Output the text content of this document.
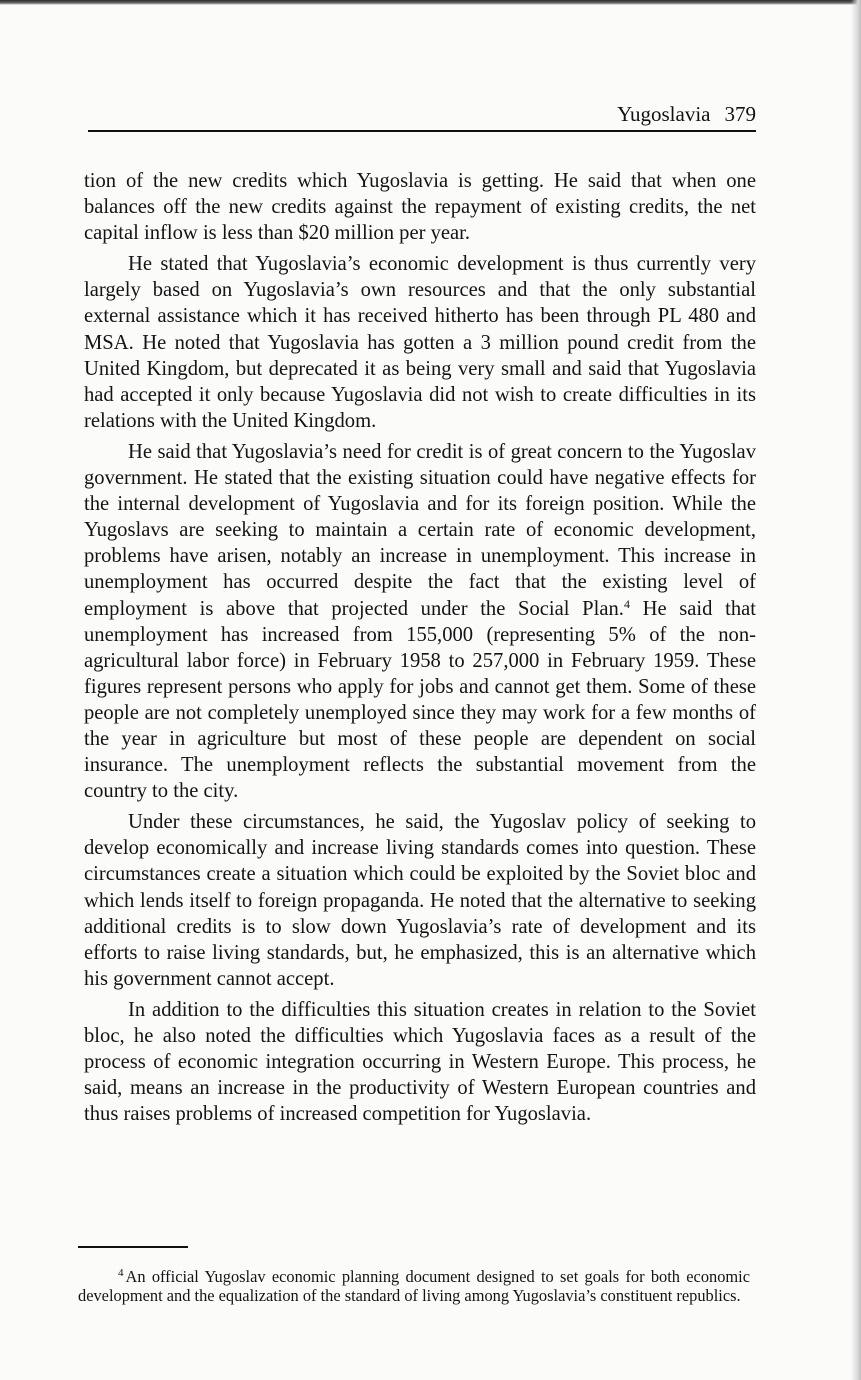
Yugoslavia 379

tion of the new credits which Yugoslavia is getting. He said that when one balances off the new credits against the repayment of existing credits, the net capital inflow is less than $20 million per year.

He stated that Yugoslavia’s economic development is thus currently very largely based on Yugoslavia’s own resources and that the only substantial external assistance which it has received hitherto has been through PL 480 and MSA. He noted that Yugoslavia has gotten a 3 million pound credit from the United Kingdom, but deprecated it as being very small and said that Yugoslavia had accepted it only because Yugoslavia did not wish to create difficulties in its relations with the United Kingdom.

He said that Yugoslavia’s need for credit is of great concern to the Yugoslav government. He stated that the existing situation could have negative effects for the internal development of Yugoslavia and for its foreign position. While the Yugoslavs are seeking to maintain a certain rate of economic development, problems have arisen, notably an increase in unemployment. This increase in unemployment has occurred despite the fact that the existing level of employment is above that projected under the Social Plan.$^4$ He said that unemployment has increased from 155,000 (representing 5% of the non-agricultural labor force) in February 1958 to 257,000 in February 1959. These figures represent persons who apply for jobs and cannot get them. Some of these people are not completely unemployed since they may work for a few months of the year in agriculture but most of these people are dependent on social insurance. The unemployment reflects the substantial movement from the country to the city.

Under these circumstances, he said, the Yugoslav policy of seeking to develop economically and increase living standards comes into question. These circumstances create a situation which could be exploited by the Soviet bloc and which lends itself to foreign propaganda. He noted that the alternative to seeking additional credits is to slow down Yugoslavia’s rate of development and its efforts to raise living standards, but, he emphasized, this is an alternative which his government cannot accept.

In addition to the difficulties this situation creates in relation to the Soviet bloc, he also noted the difficulties which Yugoslavia faces as a result of the process of economic integration occurring in Western Europe. This process, he said, means an increase in the productivity of Western European countries and thus raises problems of increased competition for Yugoslavia.

$^4$ An official Yugoslav economic planning document designed to set goals for both economic development and the equalization of the standard of living among Yugoslavia’s constituent republics.
